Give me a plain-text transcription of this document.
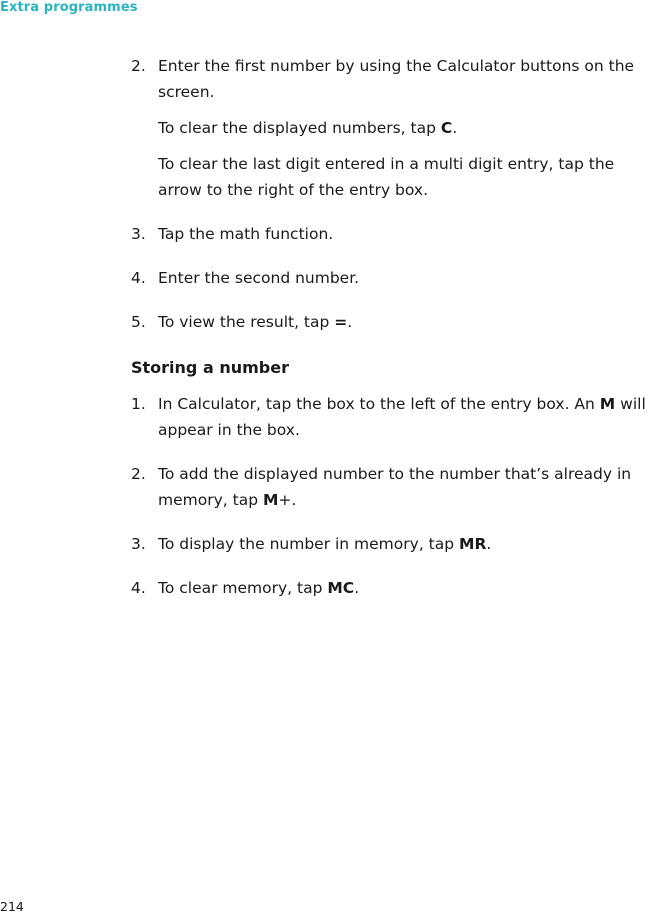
Extra programmes
2. Enter the first number by using the Calculator buttons on the screen.
To clear the displayed numbers, tap C.
To clear the last digit entered in a multi digit entry, tap the arrow to the right of the entry box.
3. Tap the math function.
4. Enter the second number.
5. To view the result, tap =.
Storing a number
1. In Calculator, tap the box to the left of the entry box. An M will appear in the box.
2. To add the displayed number to the number that’s already in memory, tap M+.
3. To display the number in memory, tap MR.
4. To clear memory, tap MC.
214
